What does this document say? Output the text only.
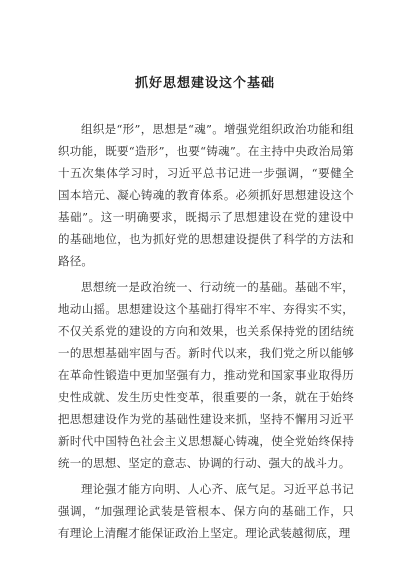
抓好思想建设这个基础

组织是“形”，思想是“魂”。增强党组织政治功能和组织功能，既要“造形”，也要“铸魂”。在主持中央政治局第十五次集体学习时，习近平总书记进一步强调，“要健全国本培元、凝心铸魂的教育体系。必须抓好思想建设这个基础”。这一明确要求，既揭示了思想建设在党的建设中的基础地位，也为抓好党的思想建设提供了科学的方法和路径。

思想统一是政治统一、行动统一的基础。基础不牢，地动山摇。思想建设这个基础打得牢不牢、夯得实不实，不仅关系党的建设的方向和效果，也关系保持党的团结统一的思想基础牢固与否。新时代以来，我们党之所以能够在革命性锻造中更加坚强有力，推动党和国家事业取得历史性成就、发生历史性变革，很重要的一条，就在于始终把思想建设作为党的基础性建设来抓，坚持不懈用习近平新时代中国特色社会主义思想凝心铸魂，使全党始终保持统一的思想、坚定的意志、协调的行动、强大的战斗力。

理论强才能方向明、人心齐、底气足。习近平总书记强调，“加强理论武装是管根本、保方向的基础工作，只有理论上清醒才能保证政治上坚定。理论武装越彻底，理
